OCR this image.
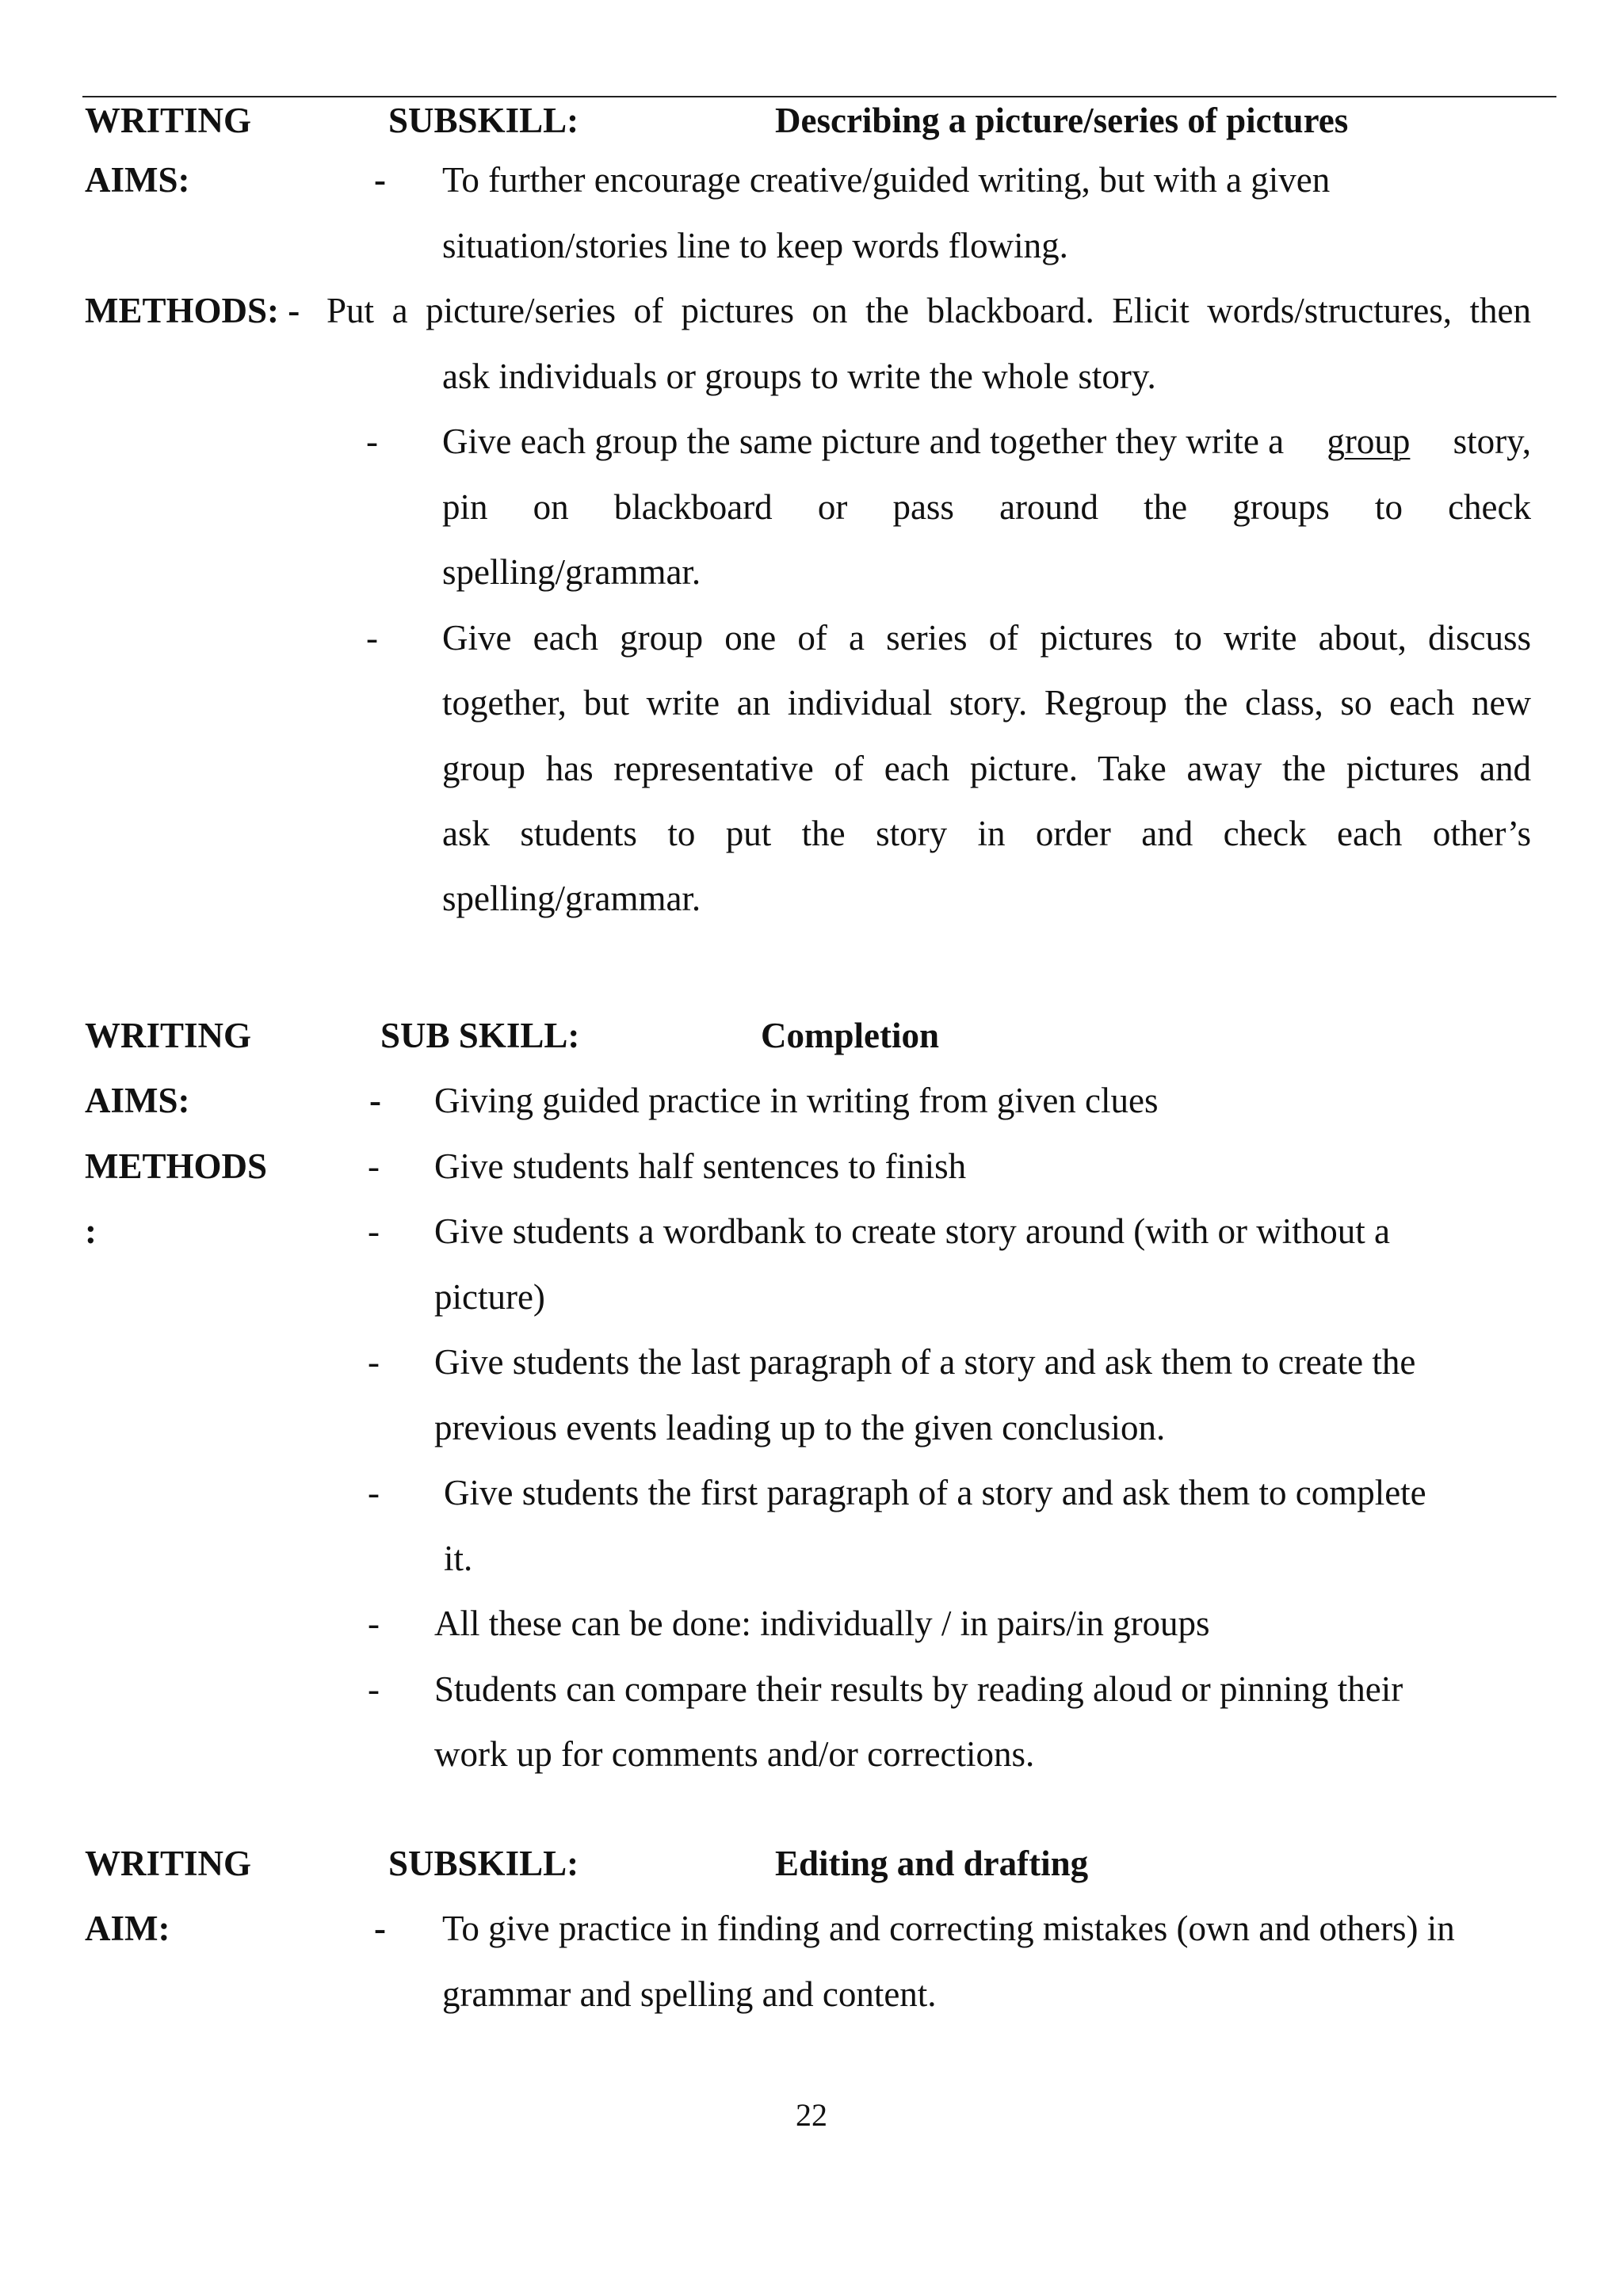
WRITING	SUBSKILL:	Describing a picture/series of pictures
AIMS:	- To further encourage creative/guided writing, but with a given
situation/stories line to keep words flowing.
METHODS: - Put a picture/series of pictures on the blackboard. Elicit words/structures, then
ask individuals or groups to write the whole story.
- Give each group the same picture and together they write a group story,
pin on blackboard or pass around the groups to check
spelling/grammar.
- Give each group one of a series of pictures to write about, discuss
together, but write an individual story. Regroup the class, so each new
group has representative of each picture. Take away the pictures and
ask students to put the story in order and check each other’s
spelling/grammar.
WRITING	SUB SKILL:	Completion
AIMS:	- Giving guided practice in writing from given clues
METHODS
:
- Give students half sentences to finish
- Give students a wordbank to create story around (with or without a
picture)
- Give students the last paragraph of a story and ask them to create the
previous events leading up to the given conclusion.
- Give students the first paragraph of a story and ask them to complete
it.
- All these can be done: individually / in pairs/in groups
- Students can compare their results by reading aloud or pinning their
work up for comments and/or corrections.
WRITING	SUBSKILL:	Editing and drafting
AIM:	- To give practice in finding and correcting mistakes (own and others) in
grammar and spelling and content.
22
